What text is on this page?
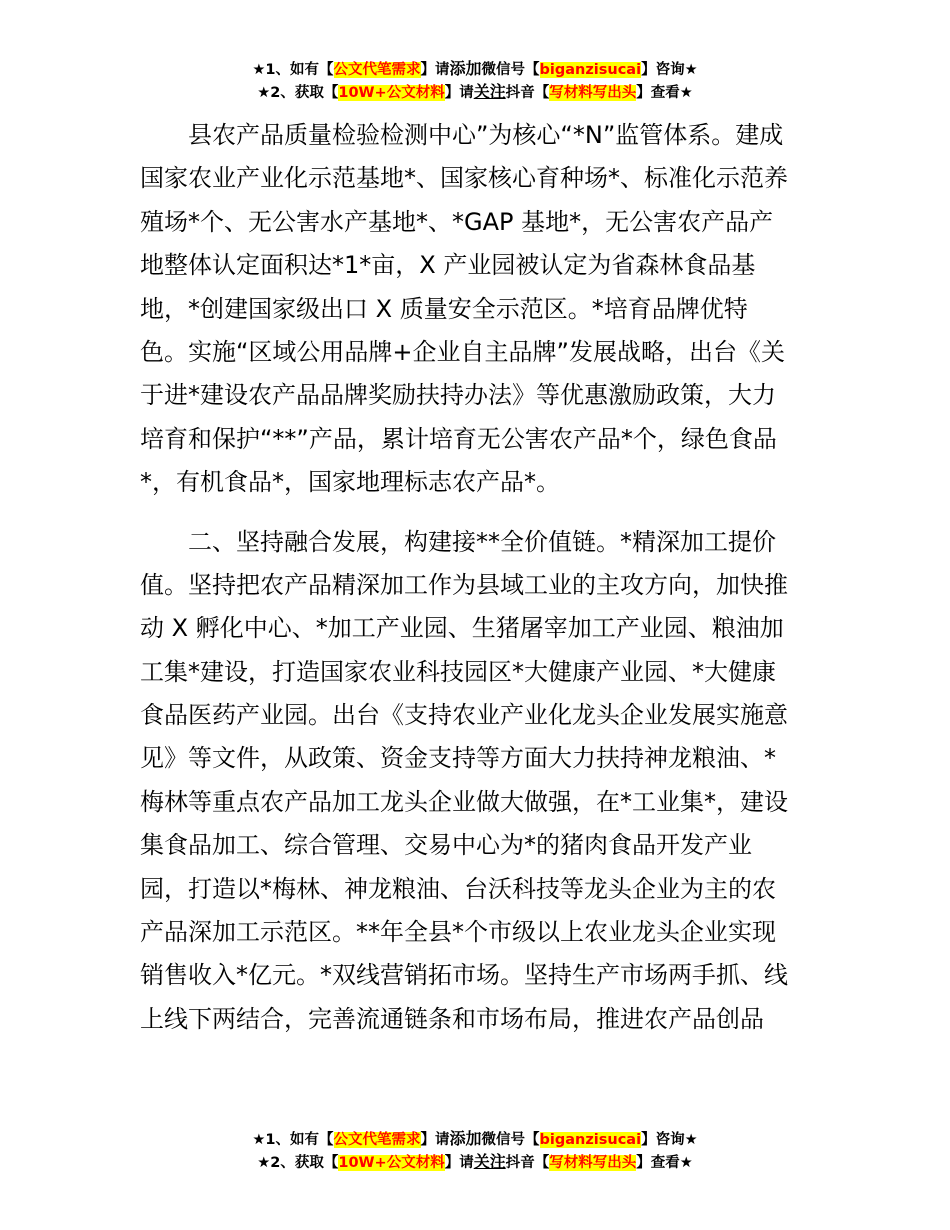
★1、如有【公文代笔需求】请添加微信号【biganzisucai】咨询★
★2、获取【10W+公文材料】请关注抖音【写材料写出头】查看★
　　县农产品质量检验检测中心”为核心“*N”监管体系。建成
国家农业产业化示范基地*、国家核心育种场*、标准化示范养
殖场*个、无公害水产基地*、*GAP 基地*，无公害农产品产
地整体认定面积达*1*亩，X 产业园被认定为省森林食品基
地，*创建国家级出口 X 质量安全示范区。*培育品牌优特
色。实施“区域公用品牌+企业自主品牌”发展战略，出台《关
于进*建设农产品品牌奖励扶持办法》等优惠激励政策，大力
培育和保护“**”产品，累计培育无公害农产品*个，绿色食品
*，有机食品*，国家地理标志农产品*。
　　二、坚持融合发展，构建接**全价值链。*精深加工提价
值。坚持把农产品精深加工作为县域工业的主攻方向，加快推
动 X 孵化中心、*加工产业园、生猪屠宰加工产业园、粮油加
工集*建设，打造国家农业科技园区*大健康产业园、*大健康
食品医药产业园。出台《支持农业产业化龙头企业发展实施意
见》等文件，从政策、资金支持等方面大力扶持神龙粮油、*
梅林等重点农产品加工龙头企业做大做强，在*工业集*，建设
集食品加工、综合管理、交易中心为*的猪肉食品开发产业
园，打造以*梅林、神龙粮油、台沃科技等龙头企业为主的农
产品深加工示范区。**年全县*个市级以上农业龙头企业实现
销售收入*亿元。*双线营销拓市场。坚持生产市场两手抓、线
上线下两结合，完善流通链条和市场布局，推进农产品创品
★1、如有【公文代笔需求】请添加微信号【biganzisucai】咨询★
★2、获取【10W+公文材料】请关注抖音【写材料写出头】查看★
